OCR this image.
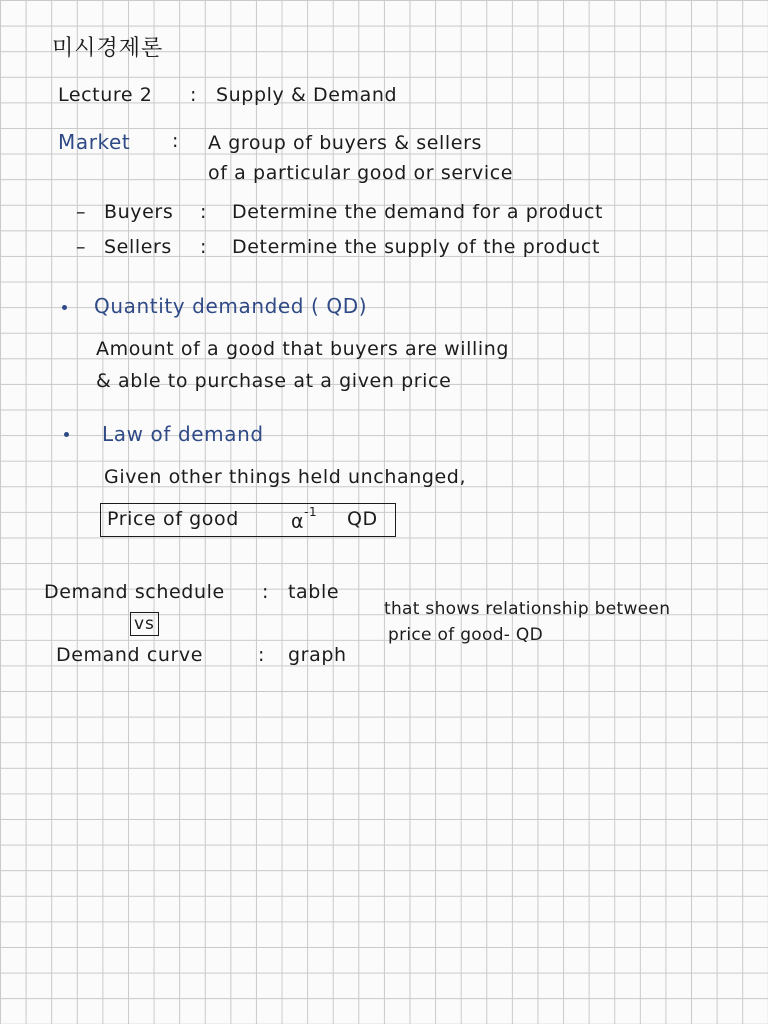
미시경제론
Lecture 2 : Supply & Demand
Market : A group of buyers & sellers
of a particular good or service
– Buyers : Determine the demand for a product
– Sellers : Determine the supply of the product
Quantity demanded ( QD)
Amount of a good that buyers are willing
& able to purchase at a given price
Law of demand
Given other things held unchanged,
Price of good	$\alpha^{-1}$ QD
Demand schedule : table
vs
Demand curve	: graph
that shows relationship between
price of good- QD
